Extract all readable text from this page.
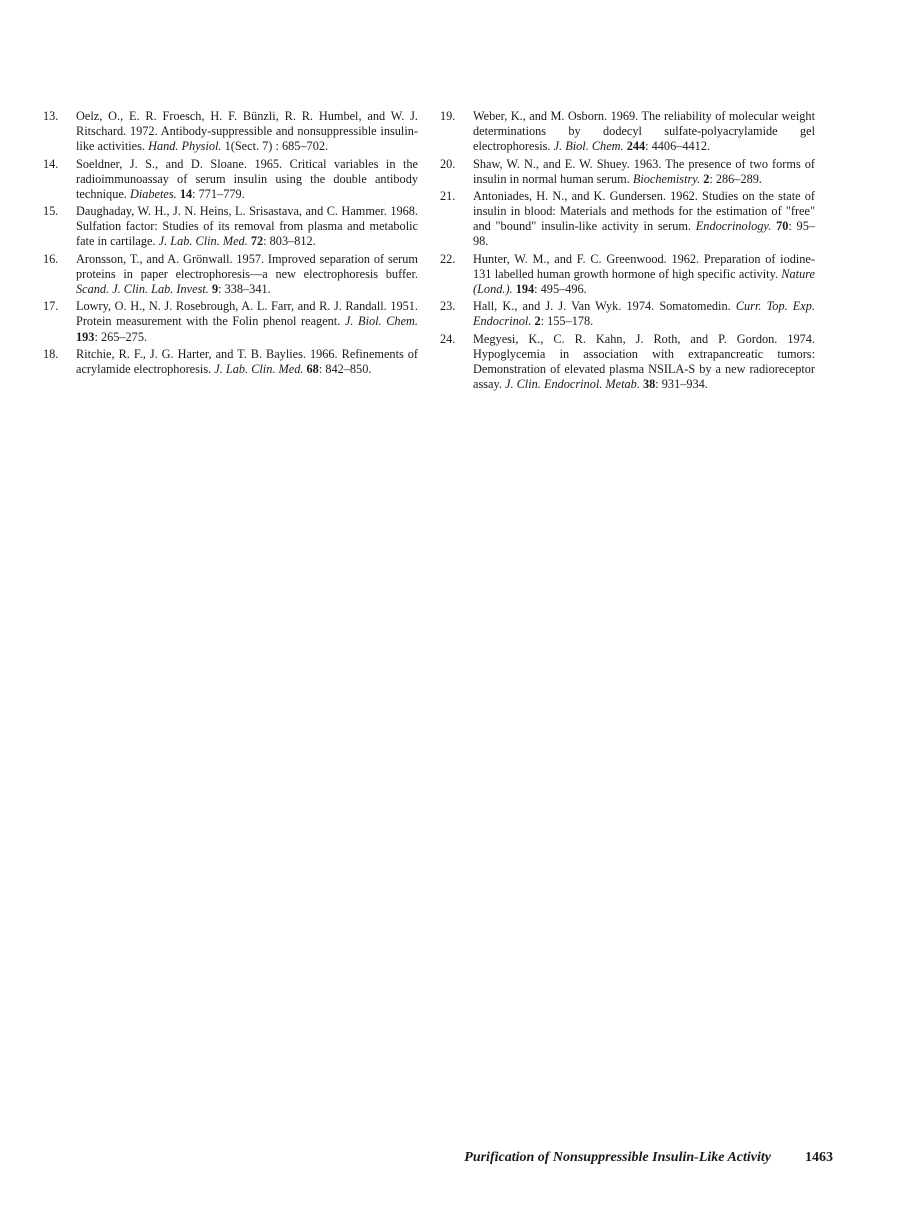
13. Oelz, O., E. R. Froesch, H. F. Bünzli, R. R. Humbel, and W. J. Ritschard. 1972. Antibody-suppressible and nonsuppressible insulin-like activities. Hand. Physiol. 1(Sect. 7) : 685–702.
14. Soeldner, J. S., and D. Sloane. 1965. Critical variables in the radioimmunoassay of serum insulin using the double antibody technique. Diabetes. 14: 771–779.
15. Daughaday, W. H., J. N. Heins, L. Srisastava, and C. Hammer. 1968. Sulfation factor: Studies of its removal from plasma and metabolic fate in cartilage. J. Lab. Clin. Med. 72: 803–812.
16. Aronsson, T., and A. Grönwall. 1957. Improved separation of serum proteins in paper electrophoresis—a new electrophoresis buffer. Scand. J. Clin. Lab. Invest. 9: 338–341.
17. Lowry, O. H., N. J. Rosebrough, A. L. Farr, and R. J. Randall. 1951. Protein measurement with the Folin phenol reagent. J. Biol. Chem. 193: 265–275.
18. Ritchie, R. F., J. G. Harter, and T. B. Baylies. 1966. Refinements of acrylamide electrophoresis. J. Lab. Clin. Med. 68: 842–850.
19. Weber, K., and M. Osborn. 1969. The reliability of molecular weight determinations by dodecyl sulfate-polyacrylamide gel electrophoresis. J. Biol. Chem. 244: 4406–4412.
20. Shaw, W. N., and E. W. Shuey. 1963. The presence of two forms of insulin in normal human serum. Biochemistry. 2: 286–289.
21. Antoniades, H. N., and K. Gundersen. 1962. Studies on the state of insulin in blood: Materials and methods for the estimation of "free" and "bound" insulin-like activity in serum. Endocrinology. 70: 95–98.
22. Hunter, W. M., and F. C. Greenwood. 1962. Preparation of iodine-131 labelled human growth hormone of high specific activity. Nature (Lond.). 194: 495–496.
23. Hall, K., and J. J. Van Wyk. 1974. Somatomedin. Curr. Top. Exp. Endocrinol. 2: 155–178.
24. Megyesi, K., C. R. Kahn, J. Roth, and P. Gordon. 1974. Hypoglycemia in association with extrapancreatic tumors: Demonstration of elevated plasma NSILA-S by a new radioreceptor assay. J. Clin. Endocrinol. Metab. 38: 931–934.
Purification of Nonsuppressible Insulin-Like Activity 1463
